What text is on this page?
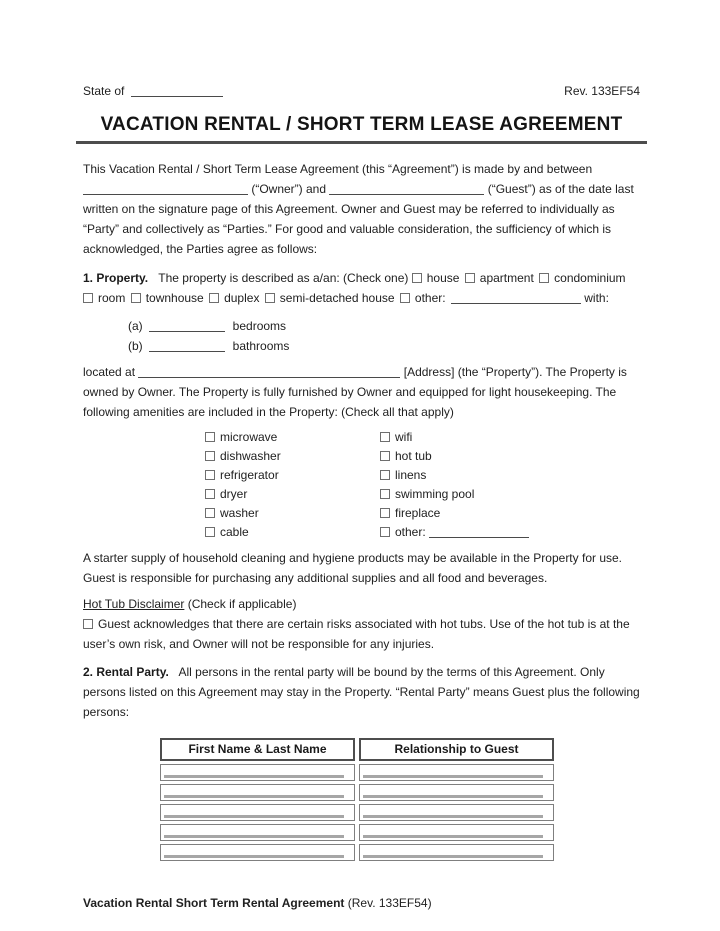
State of	Rev. 133EF54
VACATION RENTAL / SHORT TERM LEASE AGREEMENT

This Vacation Rental / Short Term Lease Agreement (this “Agreement”) is made by and between  (“Owner”) and	(“Guest”) as of the date last written on the signature page of this Agreement. Owner and Guest may be referred to individually as “Party” and collectively as “Parties.” For good and valuable consideration, the sufficiency of which is acknowledged, the Parties agree as follows:

1. Property. The property is described as a/an: (Check one) house apartment condominium room townhouse duplex semi-detached house other:	with:

(a)	bedrooms
(b)	bathrooms

located at	[Address] (the “Property”). The Property is owned by Owner. The Property is fully furnished by Owner and equipped for light housekeeping. The following amenities are included in the Property: (Check all that apply)

microwave
dishwasher
refrigerator
dryer
washer
cable
wifi
hot tub
linens
swimming pool
fireplace
other:

A starter supply of household cleaning and hygiene products may be available in the Property for use. Guest is responsible for purchasing any additional supplies and all food and beverages.

Hot Tub Disclaimer (Check if applicable)
Guest acknowledges that there are certain risks associated with hot tubs. Use of the hot tub is at the user’s own risk, and Owner will not be responsible for any injuries.

2. Rental Party. All persons in the rental party will be bound by the terms of this Agreement. Only persons listed on this Agreement may stay in the Property. “Rental Party” means Guest plus the following persons:

First Name & Last Name	Relationship to Guest

Vacation Rental Short Term Rental Agreement (Rev. 133EF54)
